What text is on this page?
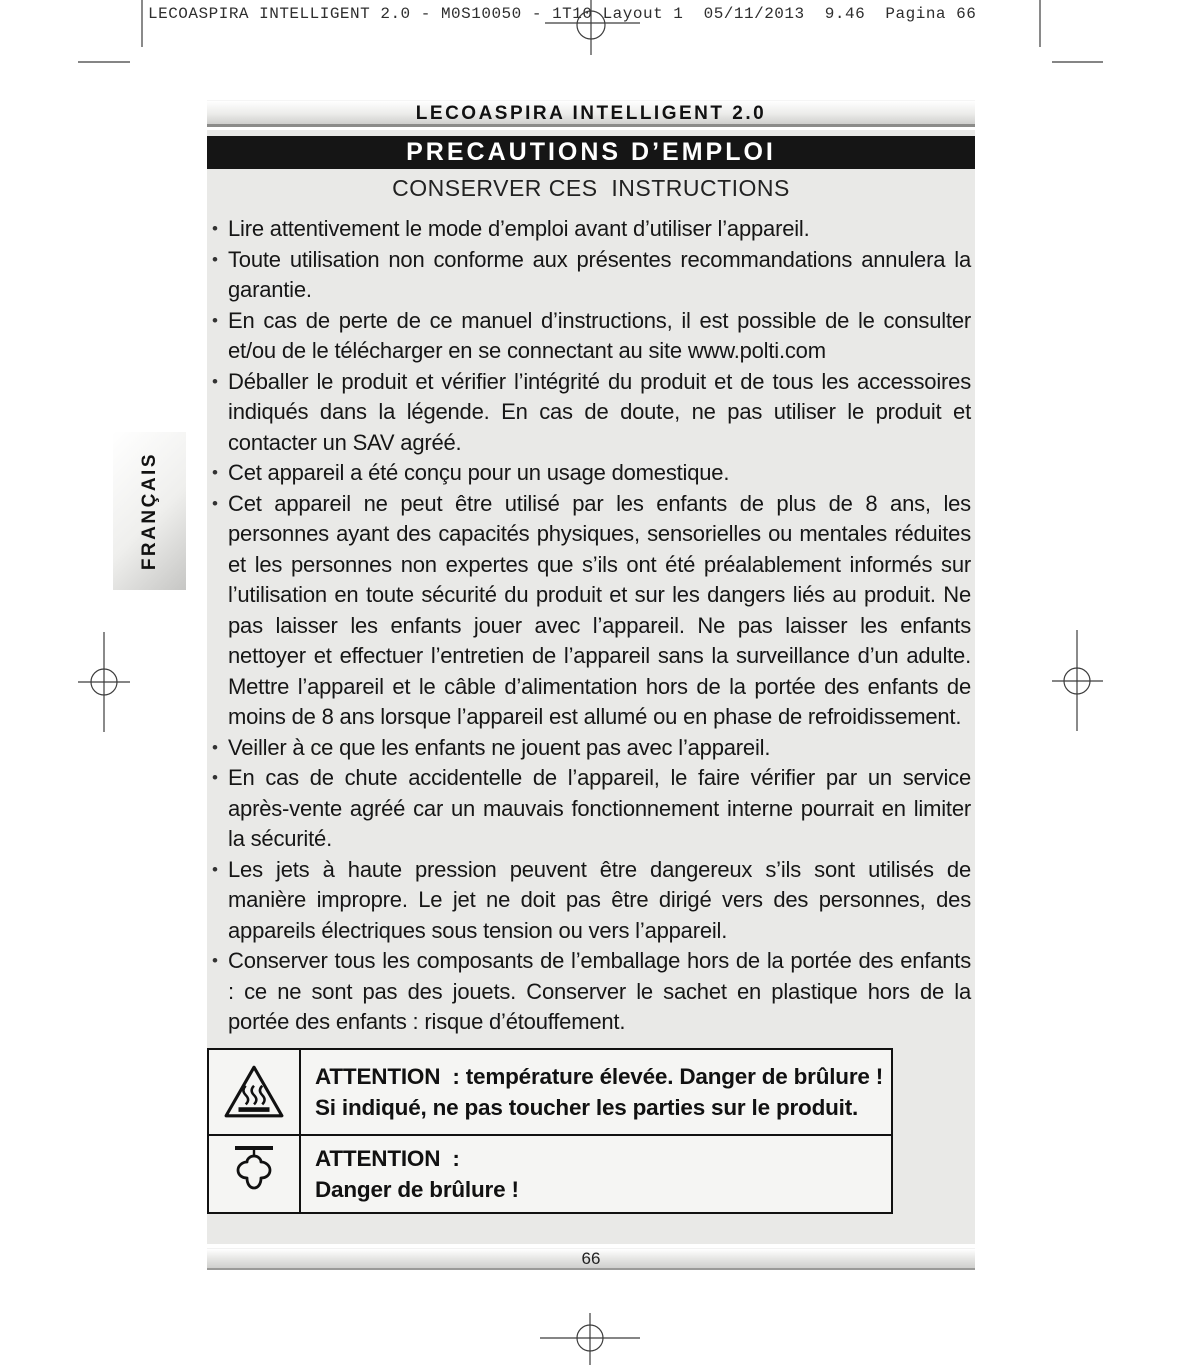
LECOASPIRA INTELLIGENT 2.0 - M0S10050 - 1T10 Layout 1  05/11/2013  9.46  Pagina 66
FRANÇAIS
LECOASPIRA INTELLIGENT 2.0
PRECAUTIONS D’EMPLOI
CONSERVER CES  INSTRUCTIONS
• Lire attentivement le mode d’emploi avant d’utiliser l’appareil.
• Toute utilisation non conforme aux présentes recommandations annulera la garantie.
• En cas de perte de ce manuel d’instructions, il est possible de le consulter et/ou de le télécharger en se connectant au site www.polti.com
• Déballer le produit et vérifier l’intégrité du produit et de tous les accessoires indiqués dans la légende. En cas de doute, ne pas utiliser le produit et contacter un SAV agréé.
• Cet appareil a été conçu pour un usage domestique.
• Cet appareil ne peut être utilisé par les enfants de plus de 8 ans, les personnes ayant des capacités physiques, sensorielles ou mentales réduites et les personnes non expertes que s’ils ont été préalablement informés sur l’utilisation en toute sécurité du produit et sur les dangers liés au produit. Ne pas laisser les enfants jouer avec l’appareil. Ne pas laisser les enfants nettoyer et effectuer l’entretien de l’appareil sans la surveillance d’un adulte. Mettre l’appareil et le câble d’alimentation hors de la portée des enfants de moins de 8 ans lorsque l’appareil est allumé ou en phase de refroidissement.
• Veiller à ce que les enfants ne jouent pas avec l’appareil.
• En cas de chute accidentelle de l’appareil, le faire vérifier par un service après-vente agréé car un mauvais fonctionnement interne pourrait en limiter la sécurité.
• Les jets à haute pression peuvent être dangereux s’ils sont utilisés de manière impropre. Le jet ne doit pas être dirigé vers des personnes, des appareils électriques sous tension ou vers l’appareil.
• Conserver tous les composants de l’emballage hors de la portée des enfants : ce ne sont pas des jouets. Conserver le sachet en plastique hors de la portée des enfants : risque d’étouffement.
ATTENTION  : température élevée. Danger de brûlure !
Si indiqué, ne pas toucher les parties sur le produit.
ATTENTION  :
Danger de brûlure !
66
